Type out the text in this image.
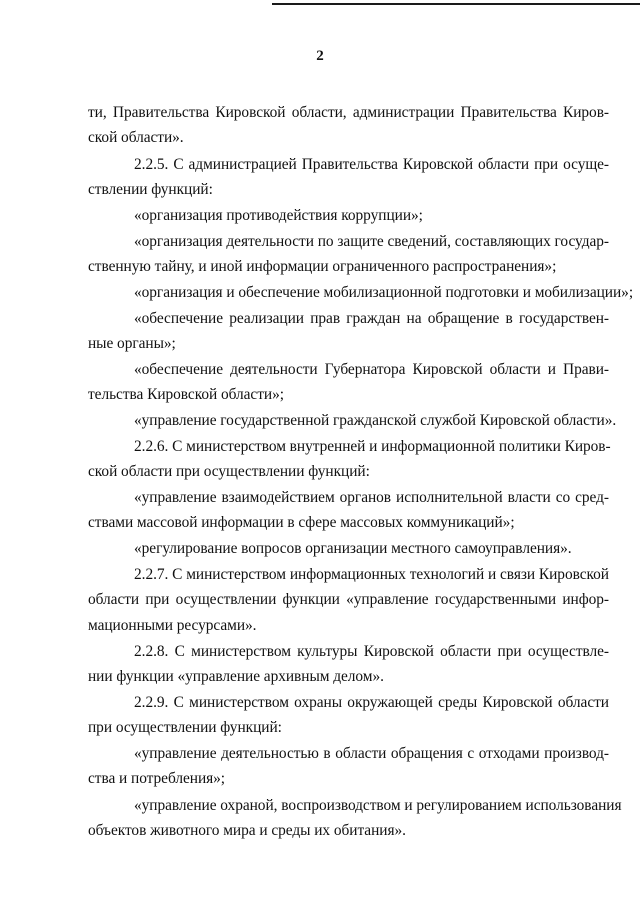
2
ти, Правительства Кировской области, администрации Правительства Киров-
ской области».
2.2.5. С администрацией Правительства Кировской области при осуще-
ствлении функций:
«организация противодействия коррупции»;
«организация деятельности по защите сведений, составляющих государ-
ственную тайну, и иной информации ограниченного распространения»;
«организация и обеспечение мобилизационной подготовки и мобилизации»;
«обеспечение реализации прав граждан на обращение в государствен-
ные органы»;
«обеспечение деятельности Губернатора Кировской области и Прави-
тельства Кировской области»;
«управление государственной гражданской службой Кировской области».
2.2.6. С министерством внутренней и информационной политики Киров-
ской области при осуществлении функций:
«управление взаимодействием органов исполнительной власти со сред-
ствами массовой информации в сфере массовых коммуникаций»;
«регулирование вопросов организации местного самоуправления».
2.2.7. С министерством информационных технологий и связи Кировской
области при осуществлении функции «управление государственными инфор-
мационными ресурсами».
2.2.8. С министерством культуры Кировской области при осуществле-
нии функции «управление архивным делом».
2.2.9. С министерством охраны окружающей среды Кировской области
при осуществлении функций:
«управление деятельностью в области обращения с отходами производ-
ства и потребления»;
«управление охраной, воспроизводством и регулированием использования
объектов животного мира и среды их обитания».
